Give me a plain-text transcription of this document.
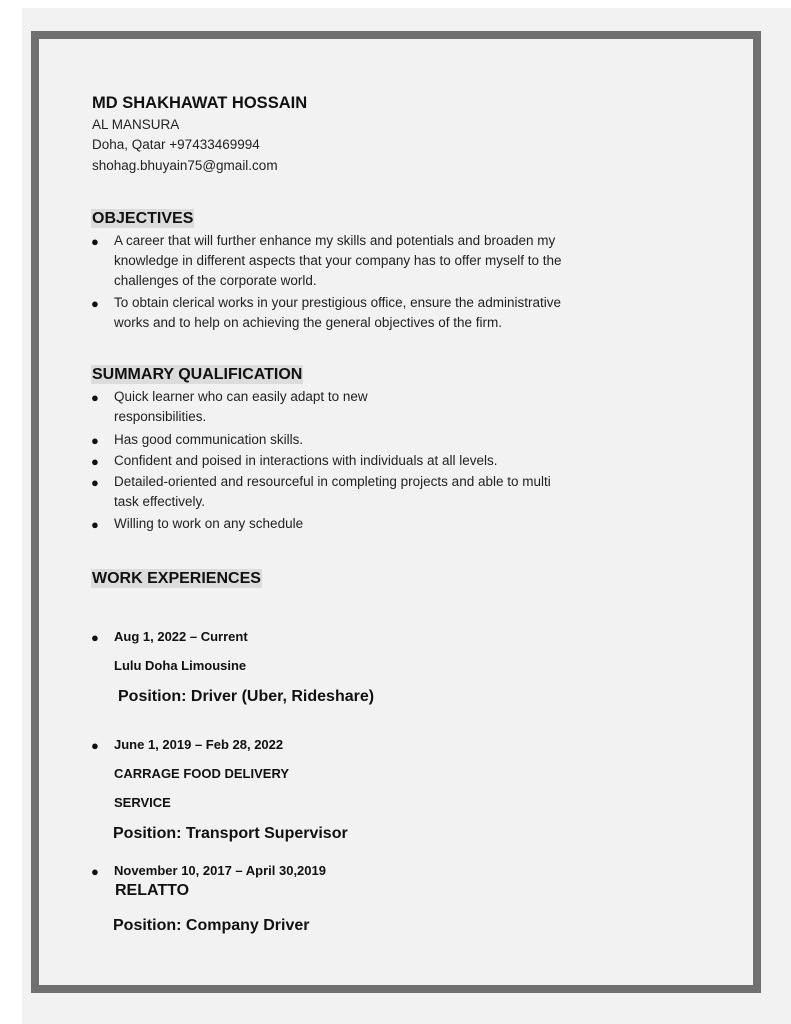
MD SHAKHAWAT HOSSAIN
AL MANSURA
Doha, Qatar +97433469994
shohag.bhuyain75@gmail.com
OBJECTIVES
● A career that will further enhance my skills and potentials and broaden my
knowledge in different aspects that your company has to offer myself to the
challenges of the corporate world.
● To obtain clerical works in your prestigious office, ensure the administrative
works and to help on achieving the general objectives of the firm.
SUMMARY QUALIFICATION
● Quick learner who can easily adapt to new
responsibilities.
● Has good communication skills.
● Confident and poised in interactions with individuals at all levels.
● Detailed-oriented and resourceful in completing projects and able to multi
task effectively.
● Willing to work on any schedule
WORK EXPERIENCES
● Aug 1, 2022 – Current
Lulu Doha Limousine
Position: Driver (Uber, Rideshare)
● June 1, 2019 – Feb 28, 2022
CARRAGE FOOD DELIVERY
SERVICE
Position: Transport Supervisor
● November 10, 2017 – April 30,2019
RELATTO
Position: Company Driver
